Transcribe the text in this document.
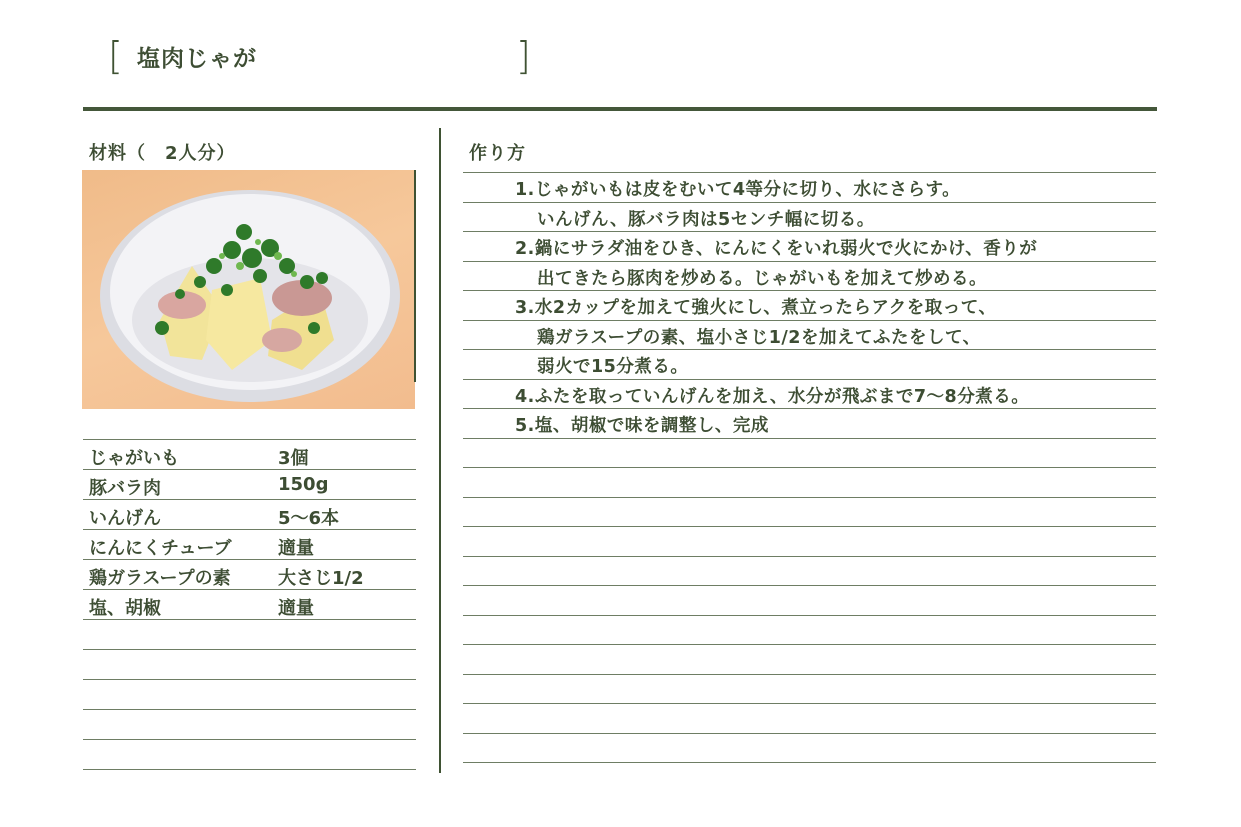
[ 塩肉じゃが	]
材料（　2人分）
じゃがいも	3個
豚バラ肉	150g
いんげん	5〜6本
にんにくチューブ	適量
鶏ガラスープの素	大さじ1/2
塩、胡椒	適量
作り方
1.じゃがいもは皮をむいて4等分に切り、水にさらす。
いんげん、豚バラ肉は5センチ幅に切る。
2.鍋にサラダ油をひき、にんにくをいれ弱火で火にかけ、香りが
出てきたら豚肉を炒める。じゃがいもを加えて炒める。
3.水2カップを加えて強火にし、煮立ったらアクを取って、
鶏ガラスープの素、塩小さじ1/2を加えてふたをして、
弱火で15分煮る。
4.ふたを取っていんげんを加え、水分が飛ぶまで7〜8分煮る。
5.塩、胡椒で味を調整し、完成
